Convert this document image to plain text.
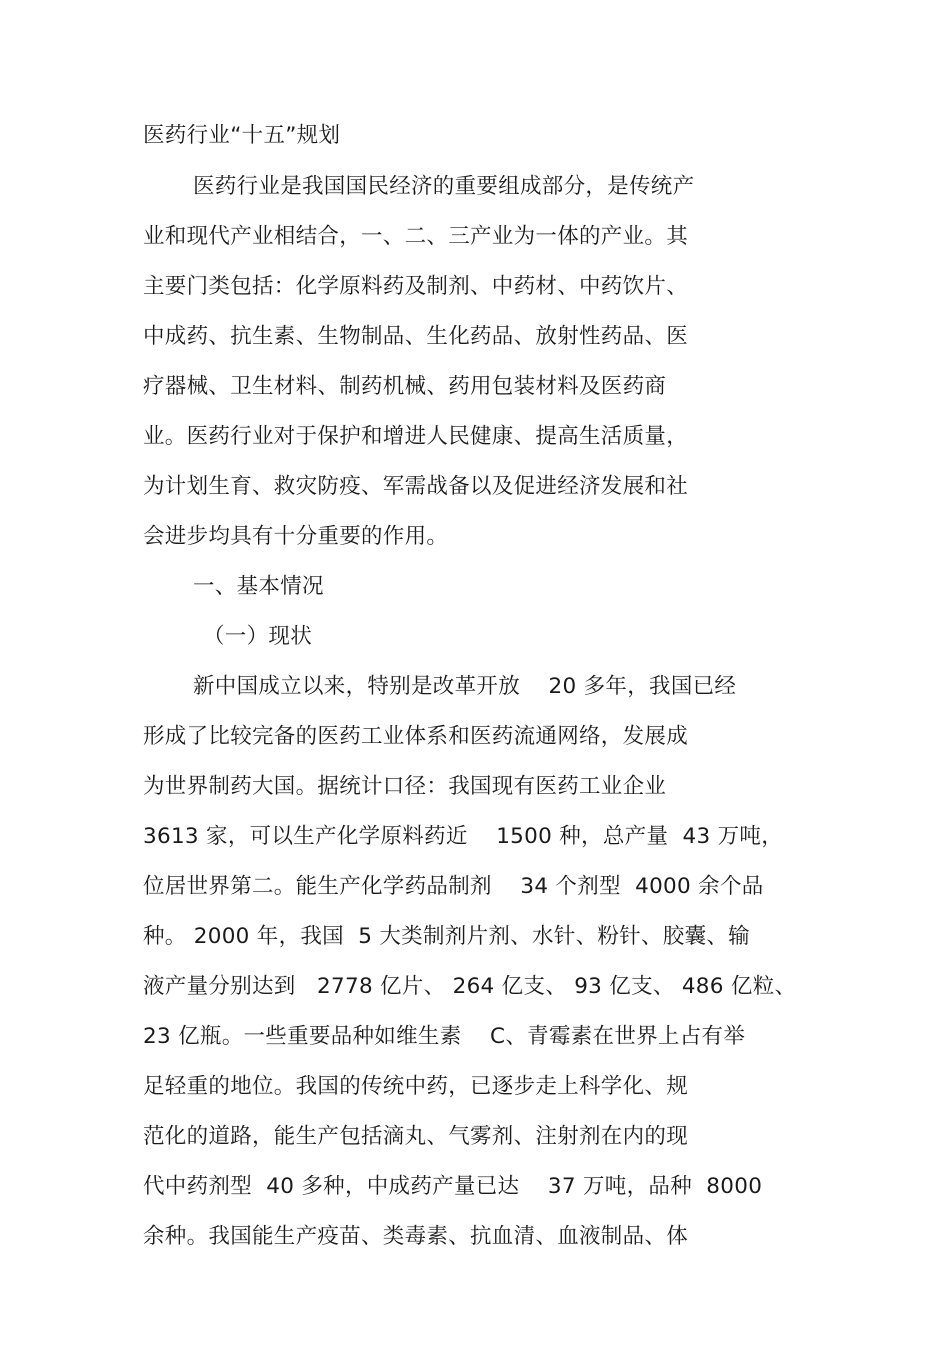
医药行业“十五”规划
医药行业是我国国民经济的重要组成部分，是传统产
业和现代产业相结合，一、二、三产业为一体的产业。其
主要门类包括：化学原料药及制剂、中药材、中药饮片、
中成药、抗生素、生物制品、生化药品、放射性药品、医
疗器械、卫生材料、制药机械、药用包装材料及医药商
业。医药行业对于保护和增进人民健康、提高生活质量，
为计划生育、救灾防疫、军需战备以及促进经济发展和社
会进步均具有十分重要的作用。
一、基本情况
（一）现状
新中国成立以来，特别是改革开放    20 多年，我国已经
形成了比较完备的医药工业体系和医药流通网络，发展成
为世界制药大国。据统计口径：我国现有医药工业企业
3613 家，可以生产化学原料药近    1500 种，总产量  43 万吨，
位居世界第二。能生产化学药品制剂    34 个剂型  4000 余个品
种。 2000 年，我国  5 大类制剂片剂、水针、粉针、胶囊、输
液产量分别达到   2778 亿片、 264 亿支、 93 亿支、 486 亿粒、
23 亿瓶。一些重要品种如维生素    C、青霉素在世界上占有举
足轻重的地位。我国的传统中药，已逐步走上科学化、规
范化的道路，能生产包括滴丸、气雾剂、注射剂在内的现
代中药剂型  40 多种，中成药产量已达    37 万吨，品种  8000
余种。我国能生产疫苗、类毒素、抗血清、血液制品、体
